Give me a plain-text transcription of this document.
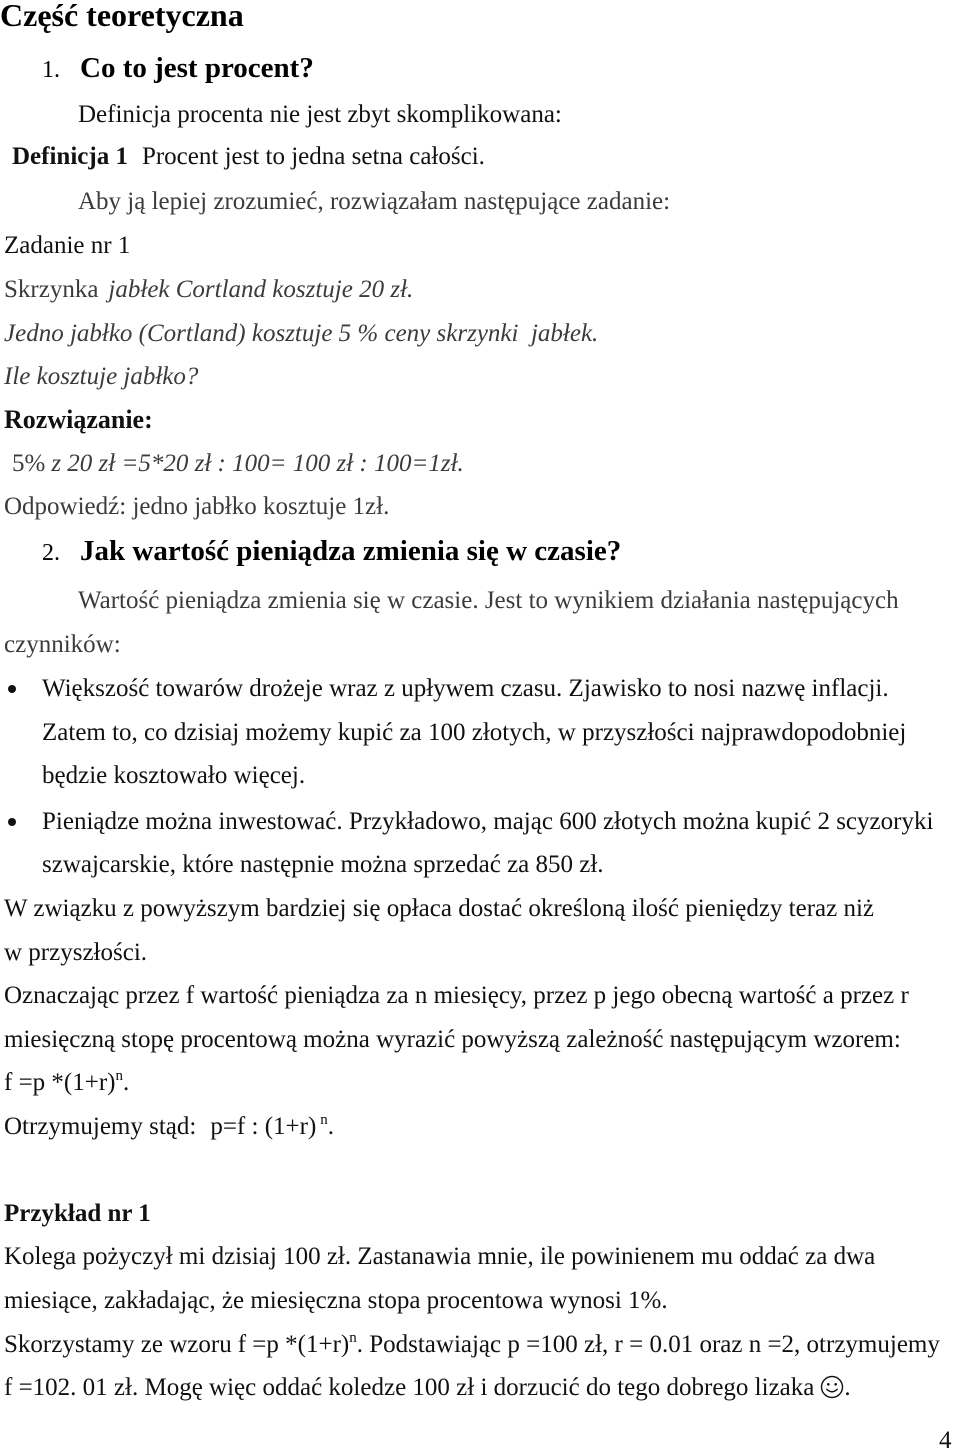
Część teoretyczna
1. Co to jest procent?
Definicja procenta nie jest zbyt skomplikowana:
Definicja 1 Procent jest to jedna setna całości.
Aby ją lepiej zrozumieć, rozwiązałam następujące zadanie:
Zadanie nr 1
Skrzynka jabłek Cortland kosztuje 20 zł.
Jedno jabłko (Cortland) kosztuje 5 % ceny skrzynki  jabłek.
Ile kosztuje jabłko?
Rozwiązanie:
5% z 20 zł =5*20 zł : 100= 100 zł : 100=1zł.
Odpowiedź: jedno jabłko kosztuje 1zł.
2. Jak wartość pieniądza zmienia się w czasie?
Wartość pieniądza zmienia się w czasie. Jest to wynikiem działania następujących
czynników:
Większość towarów drożeje wraz z upływem czasu. Zjawisko to nosi nazwę inflacji.
Zatem to, co dzisiaj możemy kupić za 100 złotych, w przyszłości najprawdopodobniej
będzie kosztowało więcej.
Pieniądze można inwestować. Przykładowo, mając 600 złotych można kupić 2 scyzoryki
szwajcarskie, które następnie można sprzedać za 850 zł.
W związku z powyższym bardziej się opłaca dostać określoną ilość pieniędzy teraz niż
w przyszłości.
Oznaczając przez f wartość pieniądza za n miesięcy, przez p jego obecną wartość a przez r
miesięczną stopę procentową można wyrazić powyższą zależność następującym wzorem:
f =p $*(1+r)^n$.
Otrzymujemy stąd: p=f : (1+r) $^n$.
Przykład nr 1
Kolega pożyczył mi dzisiaj 100 zł. Zastanawia mnie, ile powinienem mu oddać za dwa
miesiące, zakładając, że miesięczna stopa procentowa wynosi 1%.
Skorzystamy ze wzoru f =p $*(1+r)^n$. Podstawiając p =100 zł, r = 0.01 oraz n =2, otrzymujemy
f =102. 01 zł. Mogę więc oddać koledze 100 zł i dorzucić do tego dobrego lizaka .
4
